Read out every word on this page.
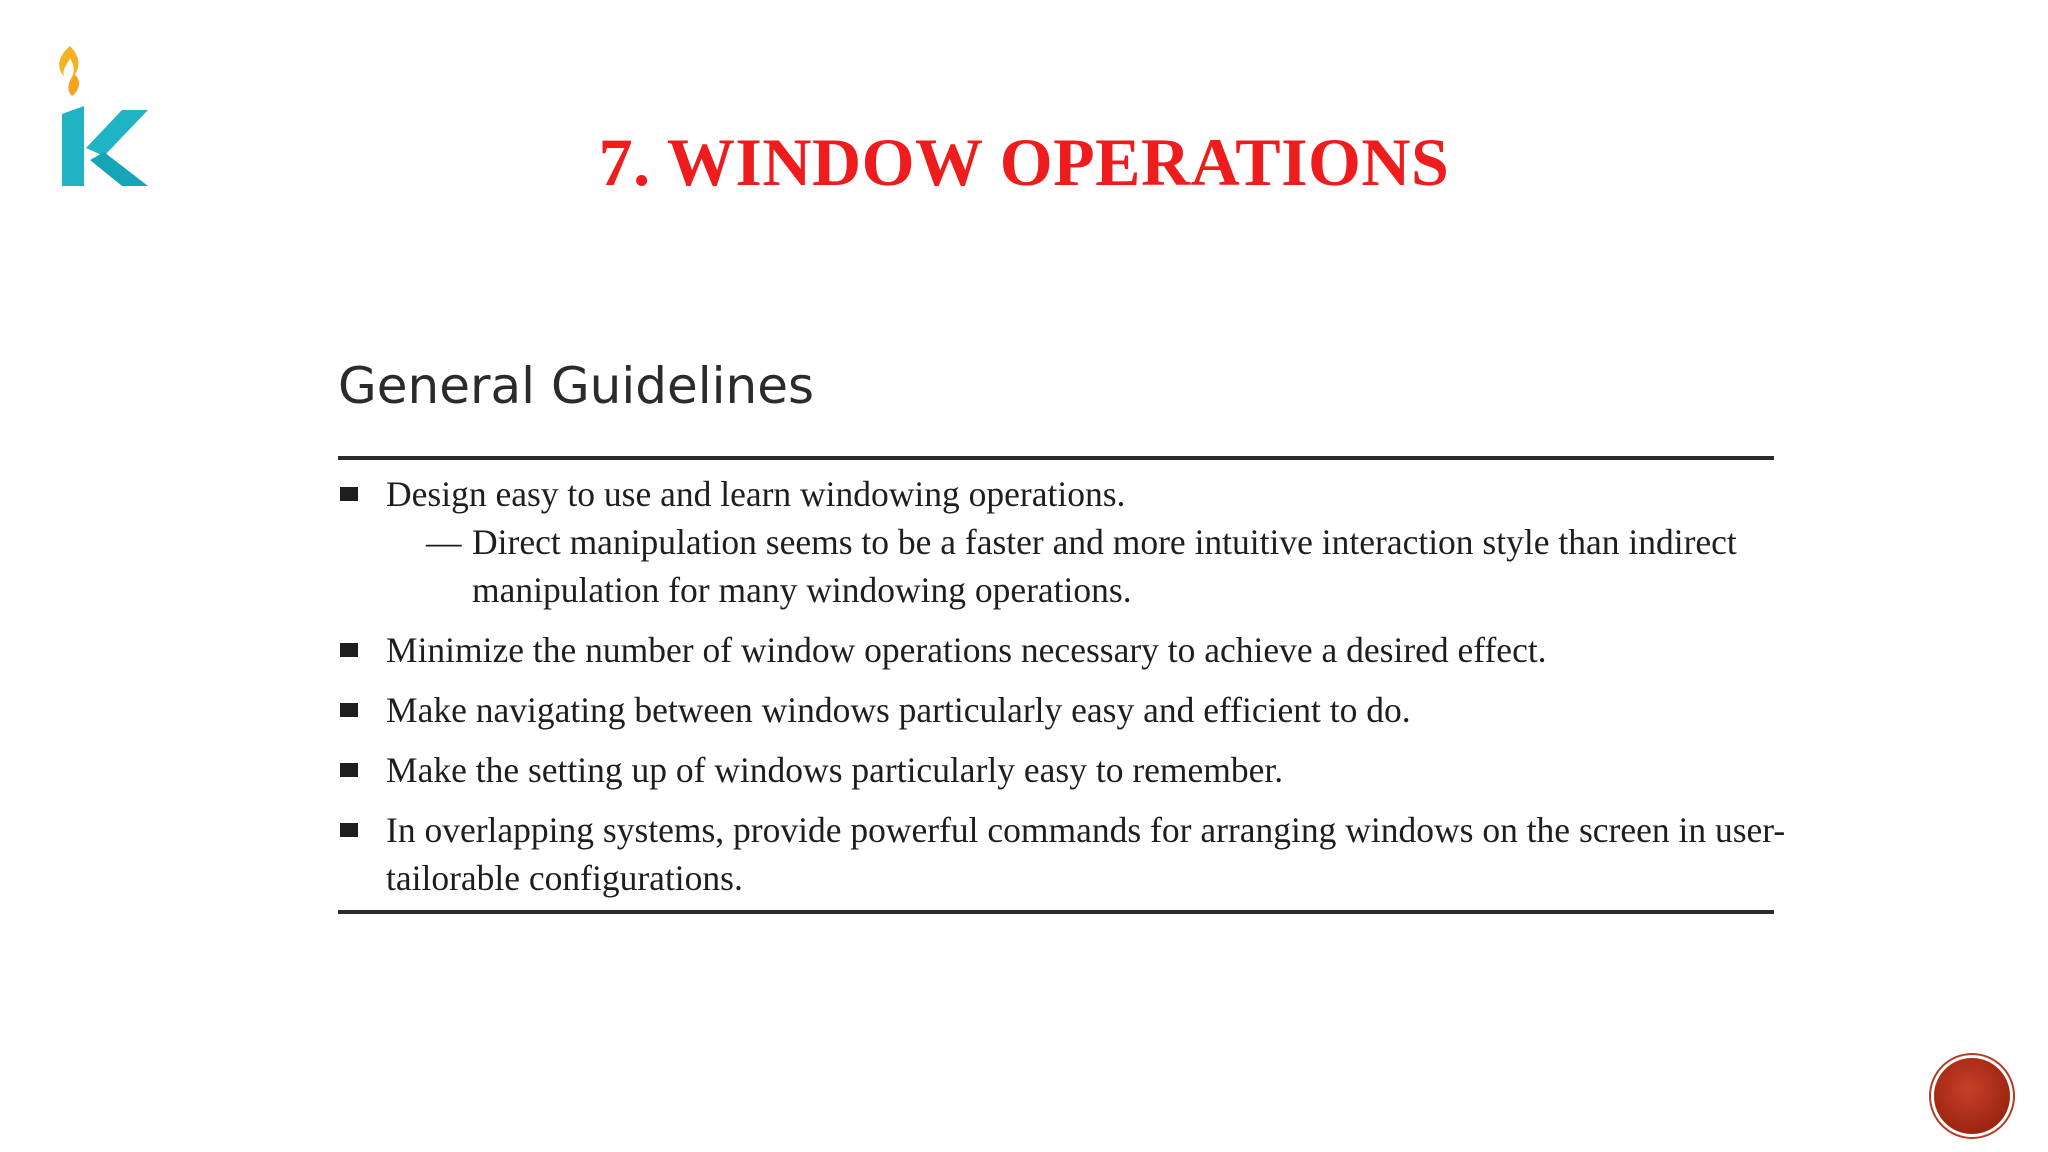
7. WINDOW OPERATIONS
General Guidelines
Design easy to use and learn windowing operations.
— Direct manipulation seems to be a faster and more intuitive interaction style than indirect manipulation for many windowing operations.
Minimize the number of window operations necessary to achieve a desired effect.
Make navigating between windows particularly easy and efficient to do.
Make the setting up of windows particularly easy to remember.
In overlapping systems, provide powerful commands for arranging windows on the screen in user-tailorable configurations.
